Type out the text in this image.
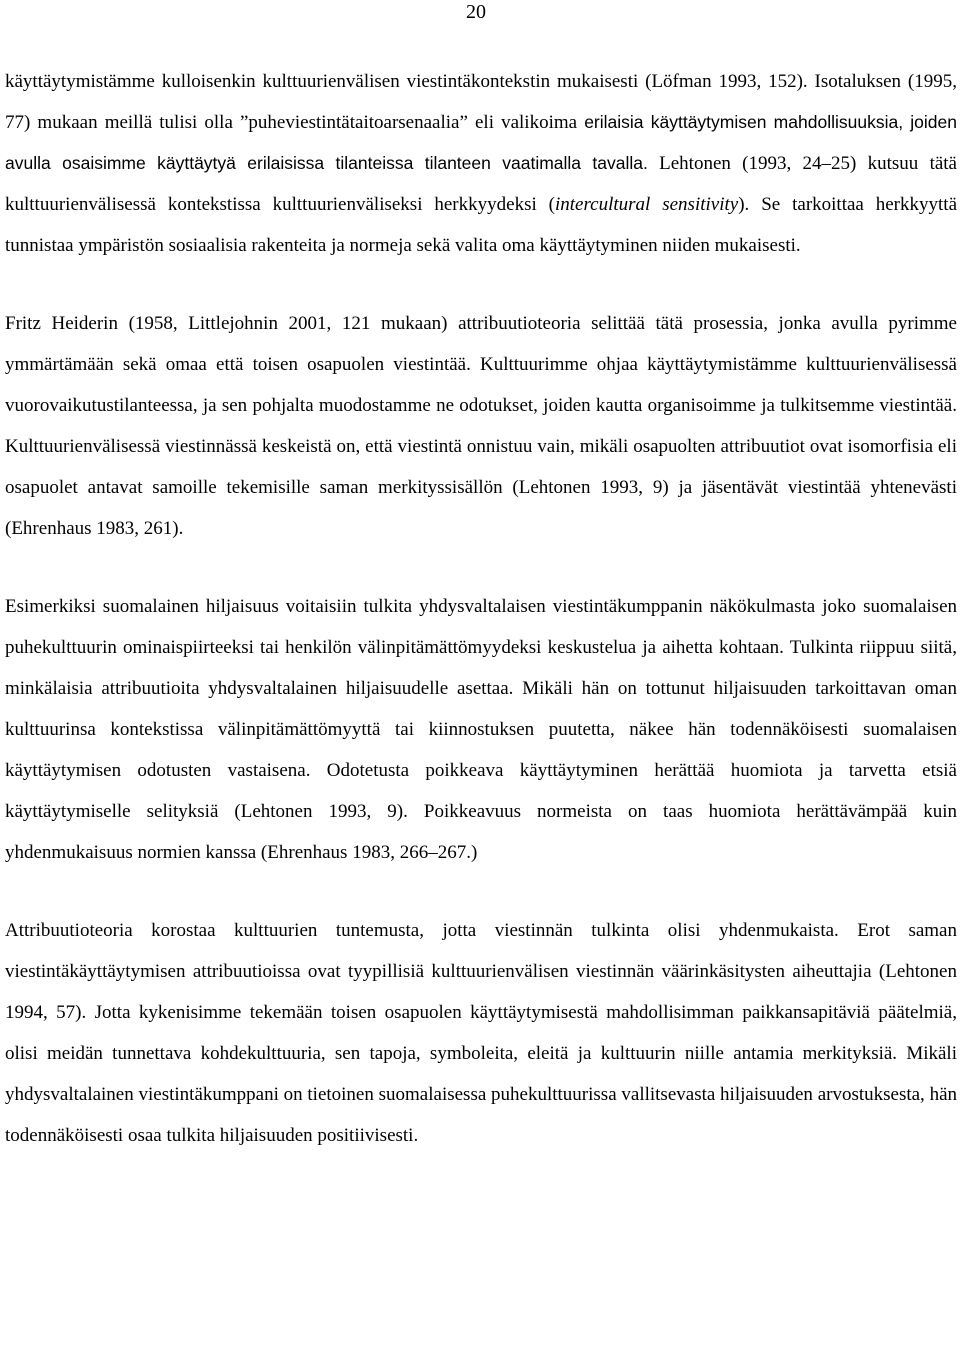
20

käyttäytymistämme kulloisenkin kulttuurienvälisen viestintäkontekstin mukaisesti (Löfman 1993, 152). Isotaluksen (1995, 77) mukaan meillä tulisi olla ”puheviestintätaitoarsenaalia” eli valikoima erilaisia käyttäytymisen mahdollisuuksia, joiden avulla osaisimme käyttäytyä erilaisissa tilanteissa tilanteen vaatimalla tavalla. Lehtonen (1993, 24–25) kutsuu tätä kulttuurienvälisessä kontekstissa kulttuurienväliseksi herkkyydeksi (intercultural sensitivity). Se tarkoittaa herkkyyttä tunnistaa ympäristön sosiaalisia rakenteita ja normeja sekä valita oma käyttäytyminen niiden mukaisesti.

Fritz Heiderin (1958, Littlejohnin 2001, 121 mukaan) attribuutioteoria selittää tätä prosessia, jonka avulla pyrimme ymmärtämään sekä omaa että toisen osapuolen viestintää. Kulttuurimme ohjaa käyttäytymistämme kulttuurienvälisessä vuorovaikutustilanteessa, ja sen pohjalta muodostamme ne odotukset, joiden kautta organisoimme ja tulkitsemme viestintää. Kulttuurienvälisessä viestinnässä keskeistä on, että viestintä onnistuu vain, mikäli osapuolten attribuutiot ovat isomorfisia eli osapuolet antavat samoille tekemisille saman merkityssisällön (Lehtonen 1993, 9) ja jäsentävät viestintää yhtenevästi (Ehrenhaus 1983, 261).

Esimerkiksi suomalainen hiljaisuus voitaisiin tulkita yhdysvaltalaisen viestintäkumppanin näkökulmasta joko suomalaisen puhekulttuurin ominaispiirteeksi tai henkilön välinpitämättömyydeksi keskustelua ja aihetta kohtaan. Tulkinta riippuu siitä, minkälaisia attribuutioita yhdysvaltalainen hiljaisuudelle asettaa. Mikäli hän on tottunut hiljaisuuden tarkoittavan oman kulttuurinsa kontekstissa välinpitämättömyyttä tai kiinnostuksen puutetta, näkee hän todennäköisesti suomalaisen käyttäytymisen odotusten vastaisena. Odotetusta poikkeava käyttäytyminen herättää huomiota ja tarvetta etsiä käyttäytymiselle selityksiä (Lehtonen 1993, 9). Poikkeavuus normeista on taas huomiota herättävämpää kuin yhdenmukaisuus normien kanssa (Ehrenhaus 1983, 266–267.)

Attribuutioteoria korostaa kulttuurien tuntemusta, jotta viestinnän tulkinta olisi yhdenmukaista. Erot saman viestintäkäyttäytymisen attribuutioissa ovat tyypillisiä kulttuurienvälisen viestinnän väärinkäsitysten aiheuttajia (Lehtonen 1994, 57). Jotta kykenisimme tekemään toisen osapuolen käyttäytymisestä mahdollisimman paikkansapitäviä päätelmiä, olisi meidän tunnettava kohdekulttuuria, sen tapoja, symboleita, eleitä ja kulttuurin niille antamia merkityksiä. Mikäli yhdysvaltalainen viestintäkumppani on tietoinen suomalaisessa puhekulttuurissa vallitsevasta hiljaisuuden arvostuksesta, hän todennäköisesti osaa tulkita hiljaisuuden positiivisesti.
